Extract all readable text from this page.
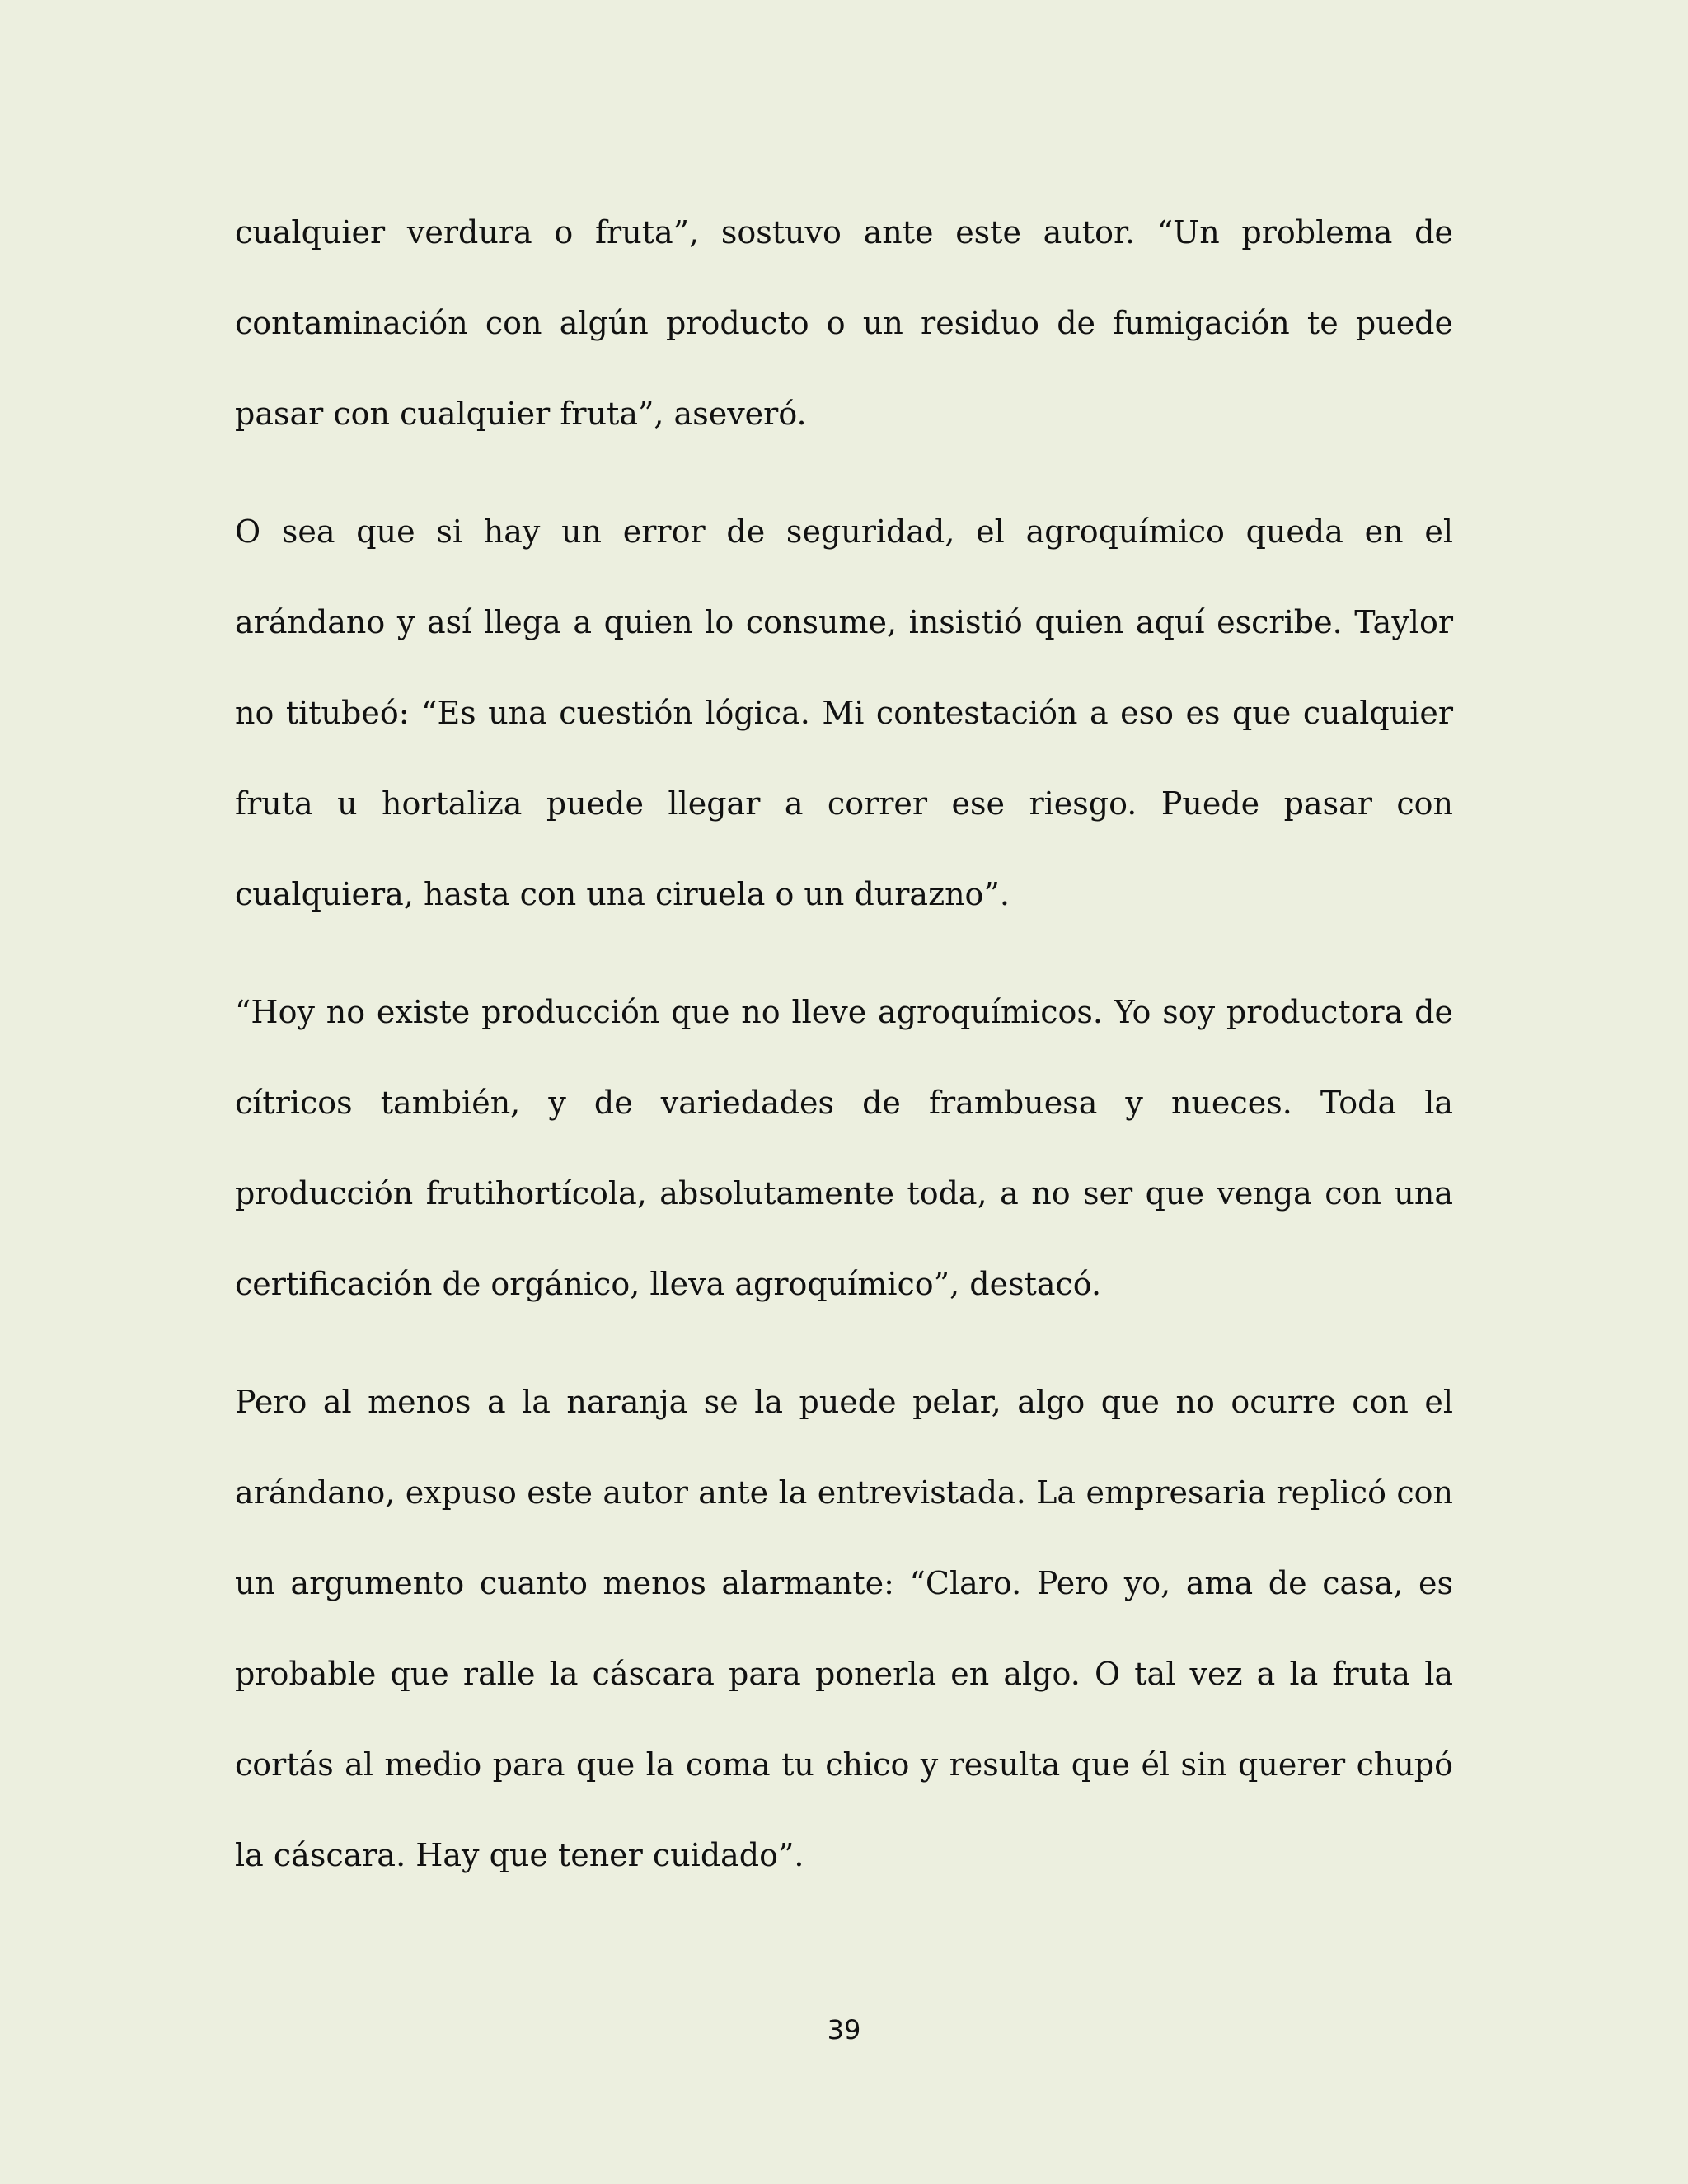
cualquier verdura o fruta”, sostuvo ante este autor. “Un problema de contaminación con algún producto o un residuo de fumigación te puede pasar con cualquier fruta”, aseveró.

O sea que si hay un error de seguridad, el agroquímico queda en el arándano y así llega a quien lo consume, insistió quien aquí escribe. Taylor no titubeó: “Es una cuestión lógica. Mi contestación a eso es que cualquier fruta u hortaliza puede llegar a correr ese riesgo. Puede pasar con cualquiera, hasta con una ciruela o un durazno”.

“Hoy no existe producción que no lleve agroquímicos. Yo soy productora de cítricos también, y de variedades de frambuesa y nueces. Toda la producción frutihortícola, absolutamente toda, a no ser que venga con una certificación de orgánico, lleva agroquímico”, destacó.

Pero al menos a la naranja se la puede pelar, algo que no ocurre con el arándano, expuso este autor ante la entrevistada. La empresaria replicó con un argumento cuanto menos alarmante: “Claro. Pero yo, ama de casa, es probable que ralle la cáscara para ponerla en algo. O tal vez a la fruta la cortás al medio para que la coma tu chico y resulta que él sin querer chupó la cáscara. Hay que tener cuidado”.

39
